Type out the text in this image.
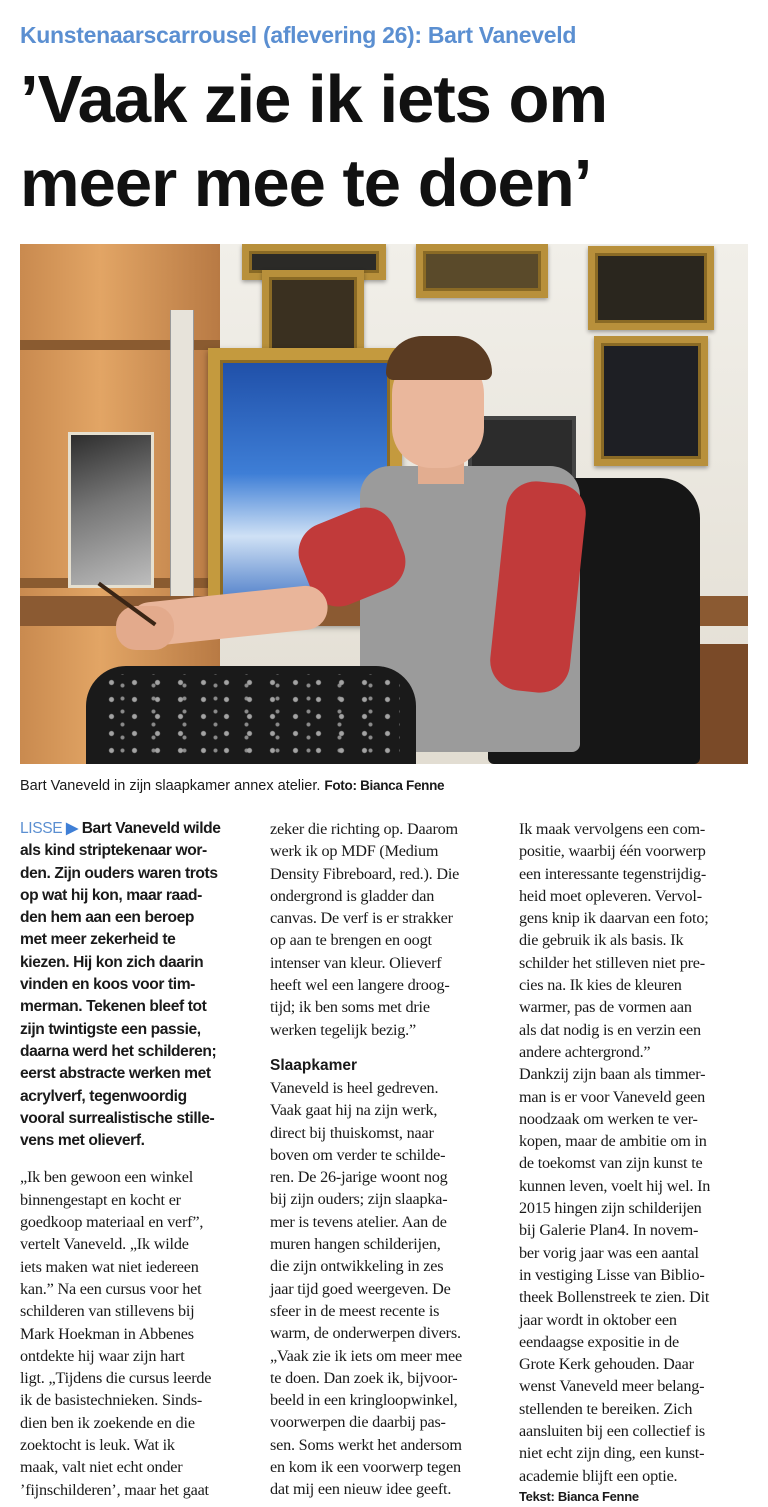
Kunstenaarscarrousel (aflevering 26): Bart Vaneveld
’Vaak zie ik iets om
meer mee te doen’
Bart Vaneveld in zijn slaapkamer annex atelier. Foto: Bianca Fenne
LISSE ▶ Bart Vaneveld wilde
als kind striptekenaar wor-
den. Zijn ouders waren trots
op wat hij kon, maar raad-
den hem aan een beroep
met meer zekerheid te
kiezen. Hij kon zich daarin
vinden en koos voor tim-
merman. Tekenen bleef tot
zijn twintigste een passie,
daarna werd het schilderen;
eerst abstracte werken met
acrylverf, tegenwoordig
vooral surrealistische stille-
vens met olieverf.
„Ik ben gewoon een winkel
binnengestapt en kocht er
goedkoop materiaal en verf”,
vertelt Vaneveld. „Ik wilde
iets maken wat niet iedereen
kan.” Na een cursus voor het
schilderen van stillevens bij
Mark Hoekman in Abbenes
ontdekte hij waar zijn hart
ligt. „Tijdens die cursus leerde
ik de basistechnieken. Sinds-
dien ben ik zoekende en die
zoektocht is leuk. Wat ik
maak, valt niet echt onder
’fijnschilderen’, maar het gaat
zeker die richting op. Daarom
werk ik op MDF (Medium
Density Fibreboard, red.). Die
ondergrond is gladder dan
canvas. De verf is er strakker
op aan te brengen en oogt
intenser van kleur. Olieverf
heeft wel een langere droog-
tijd; ik ben soms met drie
werken tegelijk bezig.”
Slaapkamer
Vaneveld is heel gedreven.
Vaak gaat hij na zijn werk,
direct bij thuiskomst, naar
boven om verder te schilde-
ren. De 26-jarige woont nog
bij zijn ouders; zijn slaapka-
mer is tevens atelier. Aan de
muren hangen schilderijen,
die zijn ontwikkeling in zes
jaar tijd goed weergeven. De
sfeer in de meest recente is
warm, de onderwerpen divers.
„Vaak zie ik iets om meer mee
te doen. Dan zoek ik, bijvoor-
beeld in een kringloopwinkel,
voorwerpen die daarbij pas-
sen. Soms werkt het andersom
en kom ik een voorwerp tegen
dat mij een nieuw idee geeft.
Ik maak vervolgens een com-
positie, waarbij één voorwerp
een interessante tegenstrijdig-
heid moet opleveren. Vervol-
gens knip ik daarvan een foto;
die gebruik ik als basis. Ik
schilder het stilleven niet pre-
cies na. Ik kies de kleuren
warmer, pas de vormen aan
als dat nodig is en verzin een
andere achtergrond.”
Dankzij zijn baan als timmer-
man is er voor Vaneveld geen
noodzaak om werken te ver-
kopen, maar de ambitie om in
de toekomst van zijn kunst te
kunnen leven, voelt hij wel. In
2015 hingen zijn schilderijen
bij Galerie Plan4. In novem-
ber vorig jaar was een aantal
in vestiging Lisse van Biblio-
theek Bollenstreek te zien. Dit
jaar wordt in oktober een
eendaagse expositie in de
Grote Kerk gehouden. Daar
wenst Vaneveld meer belang-
stellenden te bereiken. Zich
aansluiten bij een collectief is
niet echt zijn ding, een kunst-
academie blijft een optie.
Tekst: Bianca Fenne
